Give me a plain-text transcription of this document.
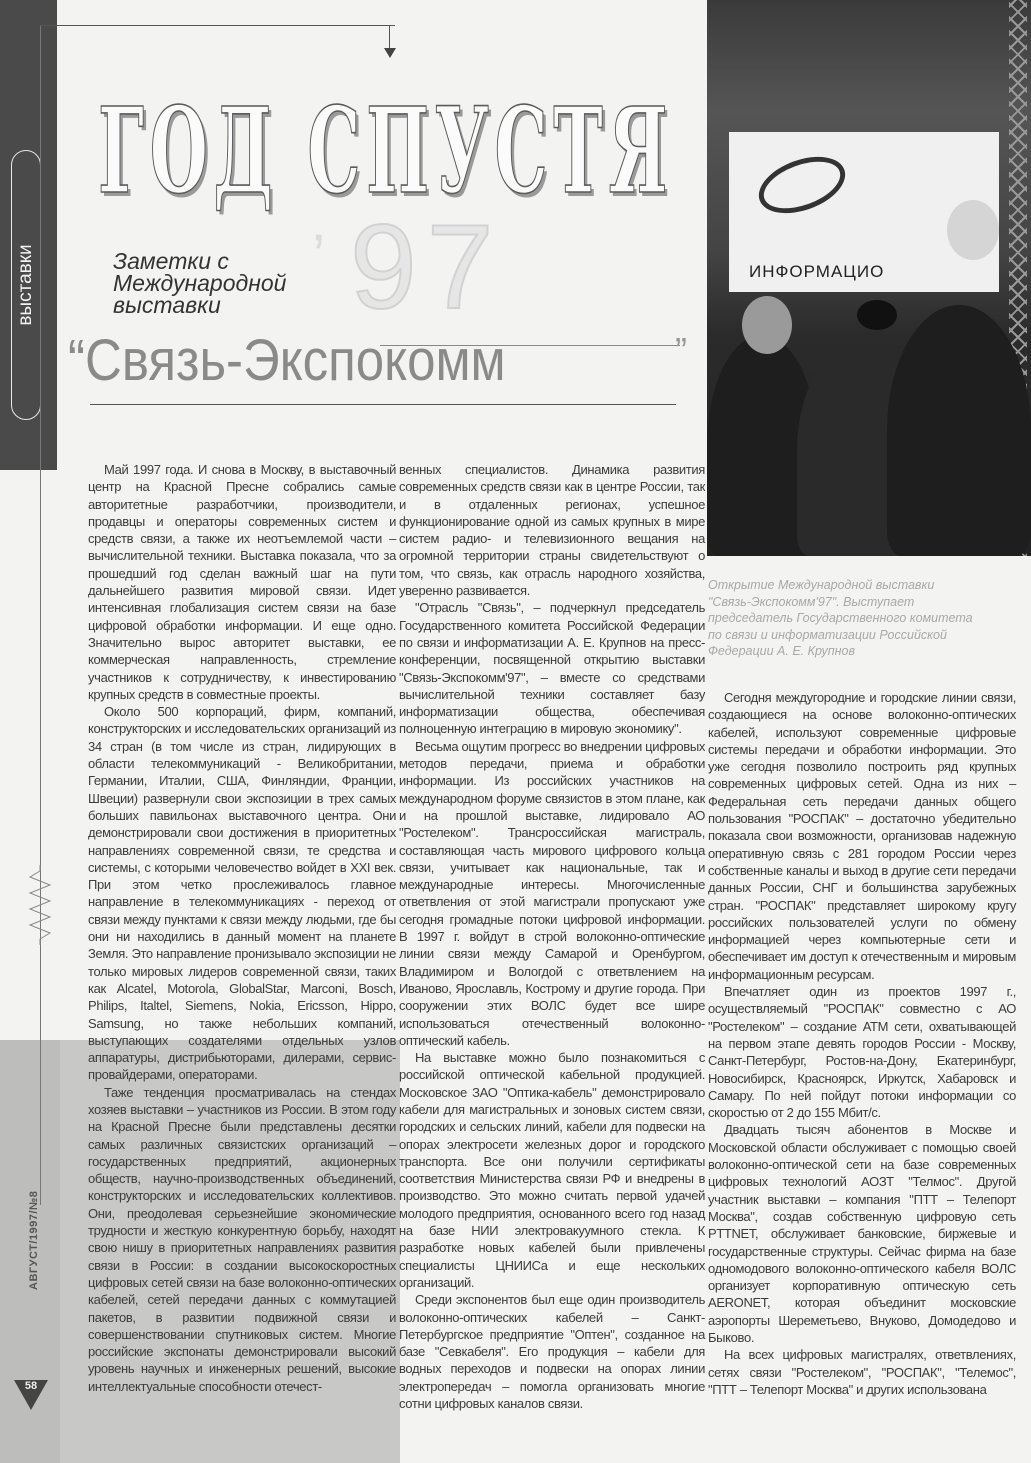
выставки
АВГУСТ/1997/№8
58
97
’
ГОД СПУСТЯ
Заметки с
Международной
выставки
“Связь-Экспокомм	”
ИНФОРМАЦИО
Открытие Международной выставки "Связь-Экспокомм'97". Выступает председатель Государственного комитета по связи и информатизации Российской Федерации А. Е. Крупнов

Май 1997 года. И снова в Москву, в выставочный центр на Красной Пресне собрались самые авторитетные разработчики, производители, продавцы и операторы современных систем и средств связи, а также их неотъемлемой части – вычислительной техники. Выставка показала, что за прошедший год сделан важный шаг на пути дальнейшего развития мировой связи. Идет интенсивная глобализация систем связи на базе цифровой обработки информации. И еще одно. Значительно вырос авторитет выставки, ее коммерческая направленность, стремление участников к сотрудничеству, к инвестированию крупных средств в совместные проекты.

Около 500 корпораций, фирм, компаний, конструкторских и исследовательских организаций из 34 стран (в том числе из стран, лидирующих в области телекоммуникаций - Великобритании, Германии, Италии, США, Финляндии, Франции, Швеции) развернули свои экспозиции в трех самых больших павильонах выставочного центра. Они демонстрировали свои достижения в приоритетных направлениях современной связи, те средства и системы, с которыми человечество войдет в XXI век. При этом четко прослеживалось главное направление в телекоммуникациях - переход от связи между пунктами к связи между людьми, где бы они ни находились в данный момент на планете Земля. Это направление пронизывало экспозиции не только мировых лидеров современной связи, таких как Alcatel, Motorola, GlobalStar, Marconi, Bosch, Philips, Italtel, Siemens, Nokia, Ericsson, Hippo, Samsung, но также небольших компаний, выступающих создателями отдельных узлов аппаратуры, дистрибьюторами, дилерами, сервис-провайдерами, операторами.

Таже тенденция просматривалась на стендах хозяев выставки – участников из России. В этом году на Красной Пресне были представлены десятки самых различных связистских организаций – государственных предприятий, акционерных обществ, научно-производственных объединений, конструкторских и исследовательских коллективов. Они, преодолевая серьезнейшие экономические трудности и жесткую конкурентную борьбу, находят свою нишу в приоритетных направлениях развития связи в России: в создании высокоскоростных цифровых сетей связи на базе волоконно-оптических кабелей, сетей передачи данных с коммутацией пакетов, в развитии подвижной связи и совершенствовании спутниковых систем. Многие российские экспонаты демонстрировали высокий уровень научных и инженерных решений, высокие интеллектуальные способности отечест-

венных специалистов. Динамика развития современных средств связи как в центре России, так и в отдаленных регионах, успешное функционирование одной из самых крупных в мире систем радио- и телевизионного вещания на огромной территории страны свидетельствуют о том, что связь, как отрасль народного хозяйства, уверенно развивается.

"Отрасль "Связь", – подчеркнул председатель Государственного комитета Российской Федерации по связи и информатизации А. Е. Крупнов на пресс-конференции, посвященной открытию выставки "Связь-Экспокомм'97", – вместе со средствами вычислительной техники составляет базу информатизации общества, обеспечивая полноценную интеграцию в мировую экономику".

Весьма ощутим прогресс во внедрении цифровых методов передачи, приема и обработки информации. Из российских участников на международном форуме связистов в этом плане, как и на прошлой выставке, лидировало АО "Ростелеком". Трансроссийская магистраль, составляющая часть мирового цифрового кольца связи, учитывает как национальные, так и международные интересы. Многочисленные ответвления от этой магистрали пропускают уже сегодня громадные потоки цифровой информации. В 1997 г. войдут в строй волоконно-оптические линии связи между Самарой и Оренбургом, Владимиром и Вологдой с ответвлением на Иваново, Ярославль, Кострому и другие города. При сооружении этих ВОЛС будет все шире использоваться отечественный волоконно-оптический кабель.

На выставке можно было познакомиться с российской оптической кабельной продукцией. Московское ЗАО "Оптика-кабель" демонстрировало кабели для магистральных и зоновых систем связи, городских и сельских линий, кабели для подвески на опорах электросети железных дорог и городского транспорта. Все они получили сертификаты соответствия Министерства связи РФ и внедрены в производство. Это можно считать первой удачей молодого предприятия, основанного всего год назад на базе НИИ электровакуумного стекла. К разработке новых кабелей были привлечены специалисты ЦНИИСа и еще нескольких организаций.

Среди экспонентов был еще один производитель волоконно-оптических кабелей – Санкт-Петербургское предприятие "Оптен", созданное на базе "Севкабеля". Его продукция – кабели для водных переходов и подвески на опорах линии электропередач – помогла организовать многие сотни цифровых каналов связи.

Сегодня междугородние и городские линии связи, создающиеся на основе волоконно-оптических кабелей, используют современные цифровые системы передачи и обработки информации. Это уже сегодня позволило построить ряд крупных современных цифровых сетей. Одна из них – Федеральная сеть передачи данных общего пользования "РОСПАК" – достаточно убедительно показала свои возможности, организовав надежную оперативную связь с 281 городом России через собственные каналы и выход в другие сети передачи данных России, СНГ и большинства зарубежных стран. "РОСПАК" представляет широкому кругу российских пользователей услуги по обмену информацией через компьютерные сети и обеспечивает им доступ к отечественным и мировым информационным ресурсам.

Впечатляет один из проектов 1997 г., осуществляемый "РОСПАК" совместно с АО "Ростелеком" – создание АТМ сети, охватывающей на первом этапе девять городов России - Москву, Санкт-Петербург, Ростов-на-Дону, Екатеринбург, Новосибирск, Красноярск, Иркутск, Хабаровск и Самару. По ней пойдут потоки информации со скоростью от 2 до 155 Мбит/с.

Двадцать тысяч абонентов в Москве и Московской области обслуживает с помощью своей волоконно-оптической сети на базе современных цифровых технологий АОЗТ "Телмос". Другой участник выставки – компания "ПТТ – Телепорт Москва", создав собственную цифровую сеть PTTNET, обслуживает банковские, биржевые и государственные структуры. Сейчас фирма на базе одномодового волоконно-оптического кабеля ВОЛС организует корпоративную оптическую сеть AERONET, которая объединит московские аэропорты Шереметьево, Внуково, Домодедово и Быково.

На всех цифровых магистралях, ответвлениях, сетях связи "Ростелеком", "РОСПАК", "Телемос", "ПТТ – Телепорт Москва" и других использована
